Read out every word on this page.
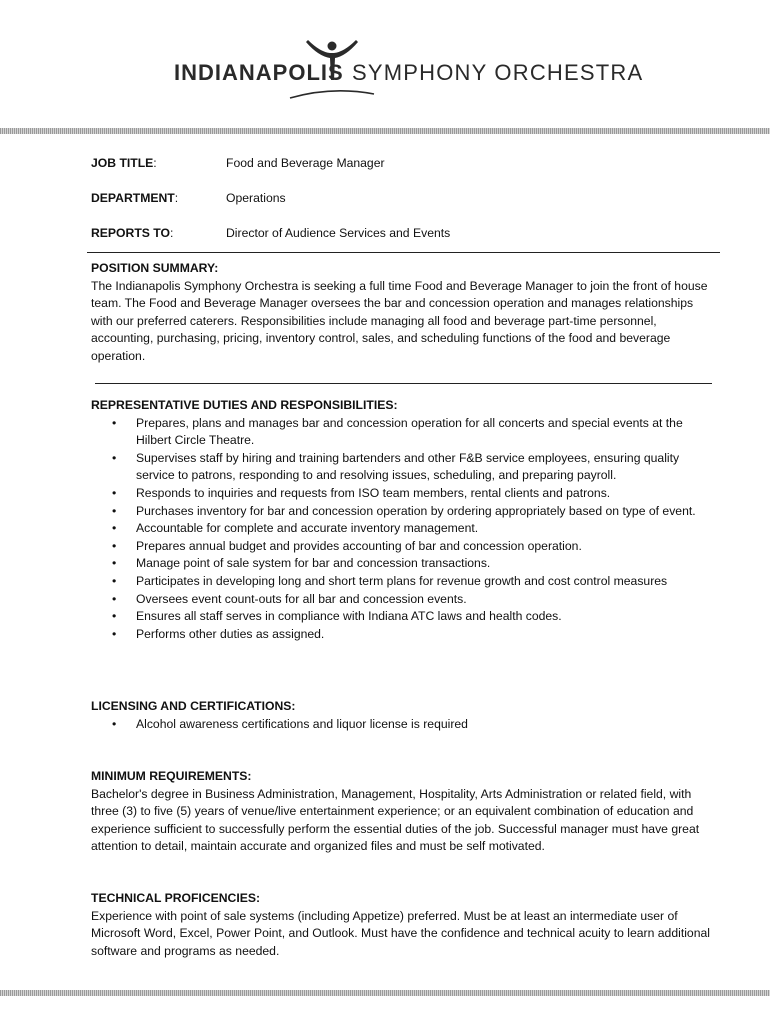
INDIANAPOLIS SYMPHONY ORCHESTRA
JOB TITLE:	Food and Beverage Manager
DEPARTMENT:	Operations
REPORTS TO:	Director of Audience Services and Events

POSITION SUMMARY:

The Indianapolis Symphony Orchestra is seeking a full time Food and Beverage Manager to join the front of house team. The Food and Beverage Manager oversees the bar and concession operation and manages relationships with our preferred caterers. Responsibilities include managing all food and beverage part-time personnel, accounting, purchasing, pricing, inventory control, sales, and scheduling functions of the food and beverage operation.

REPRESENTATIVE DUTIES AND RESPONSIBILITIES:

• Prepares, plans and manages bar and concession operation for all concerts and special events at the Hilbert Circle Theatre.
• Supervises staff by hiring and training bartenders and other F&B service employees, ensuring quality service to patrons, responding to and resolving issues, scheduling, and preparing payroll.
• Responds to inquiries and requests from ISO team members, rental clients and patrons.
• Purchases inventory for bar and concession operation by ordering appropriately based on type of event.
• Accountable for complete and accurate inventory management.
• Prepares annual budget and provides accounting of bar and concession operation.
• Manage point of sale system for bar and concession transactions.
• Participates in developing long and short term plans for revenue growth and cost control measures
• Oversees event count-outs for all bar and concession events.
• Ensures all staff serves in compliance with Indiana ATC laws and health codes.
• Performs other duties as assigned.

LICENSING AND CERTIFICATIONS:

• Alcohol awareness certifications and liquor license is required

MINIMUM REQUIREMENTS:

Bachelor's degree in Business Administration, Management, Hospitality, Arts Administration or related field, with three (3) to five (5) years of venue/live entertainment experience; or an equivalent combination of education and experience sufficient to successfully perform the essential duties of the job. Successful manager must have great attention to detail, maintain accurate and organized files and must be self motivated.

TECHNICAL PROFICENCIES:

Experience with point of sale systems (including Appetize) preferred. Must be at least an intermediate user of Microsoft Word, Excel, Power Point, and Outlook. Must have the confidence and technical acuity to learn additional software and programs as needed.
